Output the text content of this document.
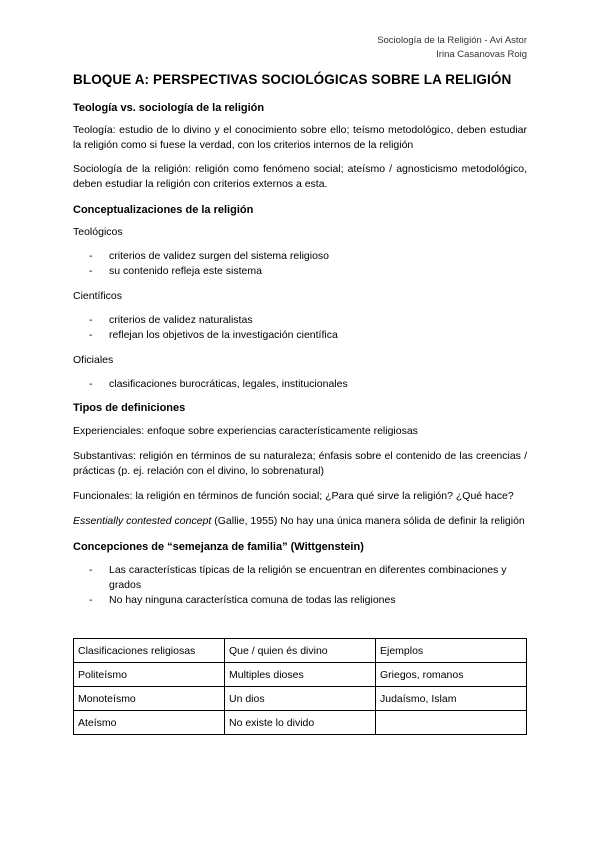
Sociología de la Religión - Avi Astor
Irina Casanovas Roig
BLOQUE A: PERSPECTIVAS SOCIOLÓGICAS SOBRE LA RELIGIÓN
Teología vs. sociología de la religión

Teología: estudio de lo divino y el conocimiento sobre ello; teísmo metodológico, deben estudiar la religión como si fuese la verdad, con los criterios internos de la religión

Sociología de la religión: religión como fenómeno social; ateísmo / agnosticismo metodológico, deben estudiar la religión con criterios externos a esta.

Conceptualizaciones de la religión
Teológicos
- criterios de validez surgen del sistema religioso
- su contenido refleja este sistema
Científicos
- criterios de validez naturalistas
- reflejan los objetivos de la investigación científica
Oficiales
- clasificaciones burocráticas, legales, institucionales
Tipos de definiciones

Experienciales: enfoque sobre experiencias característicamente religiosas

Substantivas: religión en términos de su naturaleza; énfasis sobre el contenido de las creencias / prácticas (p. ej. relación con el divino, lo sobrenatural)

Funcionales: la religión en términos de función social; ¿Para qué sirve la religión? ¿Qué hace?

Essentially contested concept (Gallie, 1955) No hay una única manera sólida de definir la religión

Concepciones de “semejanza de familia” (Wittgenstein)
- Las características típicas de la religión se encuentran en diferentes combinaciones y grados
- No hay ninguna característica comuna de todas las religiones
Clasificaciones religiosas	Que / quien és divino	Ejemplos
Politeísmo	Multiples dioses	Griegos, romanos
Monoteísmo	Un dios	Judaísmo, Islam
Ateísmo	No existe lo divido	
